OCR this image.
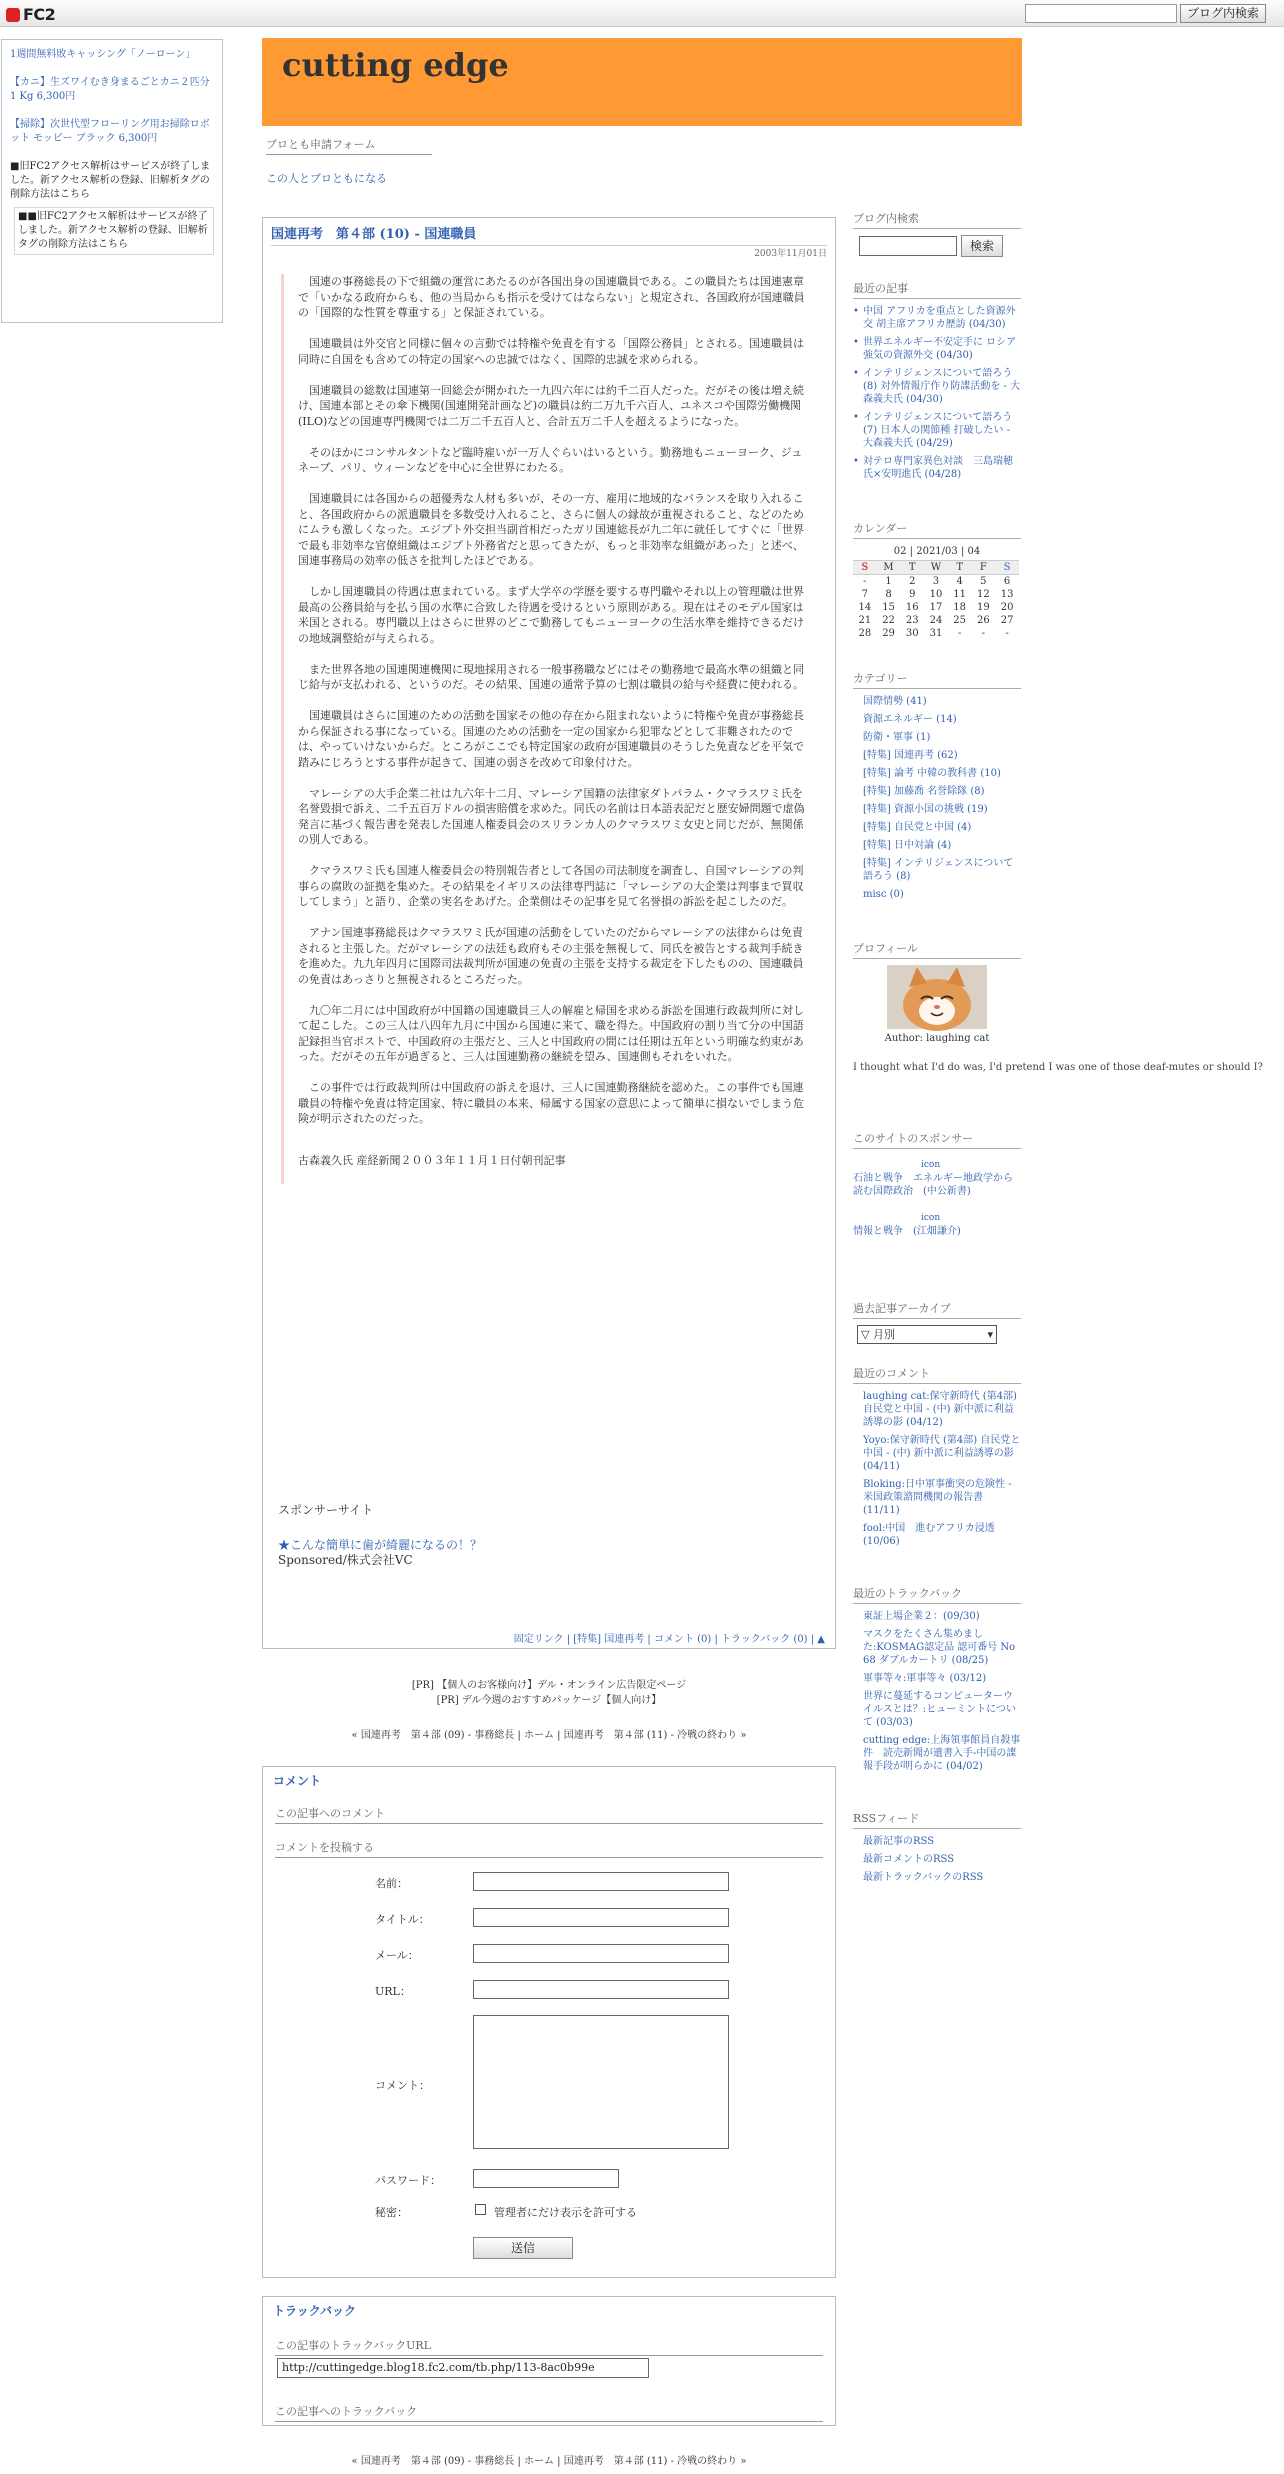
FC2	ブログ内検索
1週間無料敗キャッシング「ノーローン」
【カニ】生ズワイむき身まるごとカニ２匹分 1 Kg 6,300円
【掃除】次世代型フローリング用お掃除ロボット モッピー ブラック 6,300円
■旧FC2アクセス解析はサービスが終了しました。新アクセス解析の登録、旧解析タグの削除方法はこちら
■■旧FC2アクセス解析はサービスが終了しました。新アクセス解析の登録、旧解析タグの削除方法はこちら
cutting edge
ブロとも申請フォーム
この人とブロともになる
国連再考　第４部 (10) - 国連職員
2003年11月01日

国連の事務総長の下で組織の運営にあたるのが各国出身の国連職員である。この職員たちは国連憲章で「いかなる政府からも、他の当局からも指示を受けてはならない」と規定され、各国政府が国連職員の「国際的な性質を尊重する」と保証されている。

国連職員は外交官と同様に個々の言動では特権や免責を有する「国際公務員」とされる。国連職員は同時に自国をも含めての特定の国家への忠誠ではなく、国際的忠誠を求められる。

国連職員の総数は国連第一回総会が開かれた一九四六年には約千二百人だった。だがその後は増え続け、国連本部とその傘下機関(国連開発計画など)の職員は約二万九千六百人、ユネスコや国際労働機関(ILO)などの国連専門機関では二万二千五百人と、合計五万二千人を超えるようになった。

そのほかにコンサルタントなど臨時雇いが一万人ぐらいはいるという。勤務地もニューヨーク、ジュネーブ、パリ、ウィーンなどを中心に全世界にわたる。

国連職員には各国からの超優秀な人材も多いが、その一方、雇用に地域的なバランスを取り入れること、各国政府からの派遣職員を多数受け入れること、さらに個人の縁故が重視されること、などのためにムラも激しくなった。エジプト外交担当副首相だったガリ国連総長が九二年に就任してすぐに「世界で最も非効率な官僚組織はエジプト外務省だと思ってきたが、もっと非効率な組織があった」と述べ、国連事務局の効率の低さを批判したほどである。

しかし国連職員の待遇は恵まれている。まず大学卒の学歴を要する専門職やそれ以上の管理職は世界最高の公務員給与を払う国の水準に合致した待遇を受けるという原則がある。現在はそのモデル国家は米国とされる。専門職以上はさらに世界のどこで勤務してもニューヨークの生活水準を維持できるだけの地域調整給が与えられる。

また世界各地の国連関連機関に現地採用される一般事務職などにはその勤務地で最高水準の組織と同じ給与が支払われる、というのだ。その結果、国連の通常予算の七割は職員の給与や経費に使われる。

国連職員はさらに国連のための活動を国家その他の存在から阻まれないように特権や免責が事務総長から保証される事になっている。国連のための活動を一定の国家から犯罪などとして非難されたのでは、やっていけないからだ。ところがここでも特定国家の政府が国連職員のそうした免責などを平気で踏みにじろうとする事件が起きて、国連の弱さを改めて印象付けた。

マレーシアの大手企業二社は九六年十二月、マレーシア国籍の法律家ダトパラム・クマラスワミ氏を名誉毀損で訴え、二千五百万ドルの損害賠償を求めた。同氏の名前は日本語表記だと歴安婦問題で虚偽発言に基づく報告書を発表した国連人権委員会のスリランカ人のクマラスワミ女史と同じだが、無関係の別人である。

クマラスワミ氏も国連人権委員会の特別報告者として各国の司法制度を調査し、自国マレーシアの判事らの腐敗の証拠を集めた。その結果をイギリスの法律専門誌に「マレーシアの大企業は判事まで買収してしまう」と語り、企業の実名をあげた。企業側はその記事を見て名誉損の訴訟を起こしたのだ。

アナン国連事務総長はクマラスワミ氏が国連の活動をしていたのだからマレーシアの法律からは免責されると主張した。だがマレーシアの法廷も政府もその主張を無視して、同氏を被告とする裁判手続きを進めた。九九年四月に国際司法裁判所が国連の免責の主張を支持する裁定を下したものの、国連職員の免責はあっさりと無視されるところだった。

九〇年二月には中国政府が中国籍の国連職員三人の解雇と帰国を求める訴訟を国連行政裁判所に対して起こした。この三人は八四年九月に中国から国連に来て、職を得た。中国政府の割り当て分の中国語記録担当官ポストで、中国政府の主張だと、三人と中国政府の間には任期は五年という明確な約束があった。だがその五年が過ぎると、三人は国連勤務の継続を望み、国連側もそれをいれた。

この事件では行政裁判所は中国政府の訴えを退け、三人に国連勤務継続を認めた。この事件でも国連職員の特権や免責は特定国家、特に職員の本来、帰属する国家の意思によって簡単に損ないでしまう危険が明示されたのだった。

古森義久氏 産経新聞２００３年１１月１日付朝刊記事

スポンサーサイト
★こんな簡単に歯が綺麗になるの！？
Sponsored/株式会社VC
固定リンク | [特集] 国連再考 | コメント (0) | トラックバック (0) | ▲
[PR] 【個人のお客様向け】デル・オンライン広告限定ページ
[PR] デル今週のおすすめパッケージ【個人向け】
« 国連再考　第４部 (09) - 事務総長 | ホーム | 国連再考　第４部 (11) - 冷戦の終わり »
コメント
この記事へのコメント
コメントを投稿する
名前：
タイトル：
メール：
URL：
コメント：
パスワード：
秘密：	管理者にだけ表示を許可する
送信
トラックバック
この記事のトラックバックURL
http://cuttingedge.blog18.fc2.com/tb.php/113-8ac0b99e
この記事へのトラックバック
« 国連再考　第４部 (09) - 事務総長 | ホーム | 国連再考　第４部 (11) - 冷戦の終わり »
ブログ内検索
検索
最近の記事
• 中国 アフリカを重点とした資源外交 胡主席アフリカ歴訪 (04/30)
• 世界エネルギー不安定手に ロシア強気の資源外交 (04/30)
• インテリジェンスについて語ろう (8) 対外情報庁作り防諜活動を - 大森義夫氏 (04/30)
• インテリジェンスについて語ろう (7) 日本人の関節種 打破したい - 大森義夫氏 (04/29)
• 対テロ専門家異色対談　三島瑞穂氏×安明進氏 (04/28)
カレンダー
02 | 2021/03 | 04
S	M	T	W	T	F	S
-	1	2	3	4	5	6
7	8	9	10	11	12	13
14	15	16	17	18	19	20
21	22	23	24	25	26	27
28	29	30	31	-	-	-
カテゴリー
国際情勢 (41)
資源エネルギー (14)
防衛・軍事 (1)
[特集] 国連再考 (62)
[特集] 論考 中韓の教科書 (10)
[特集] 加藤喬 名誉除隊 (8)
[特集] 資源小国の挑戦 (19)
[特集] 自民党と中国 (4)
[特集] 日中対論 (4)
[特集] インテリジェンスについて語ろう (8)
misc (0)
プロフィール
Author: laughing cat
I thought what I'd do was, I'd pretend I was one of those deaf-mutes or should I?
このサイトのスポンサー
icon
石油と戦争　エネルギー地政学から読む国際政治　(中公新書)
icon
情報と戦争　(江畑謙介)
過去記事アーカイブ
▽ 月別	▾
最近のコメント
laughing cat:保守新時代 (第4部) 自民党と中国 - (中) 新中派に利益誘導の影 (04/12)
Yoyo:保守新時代 (第4部) 自民党と中国 - (中) 新中派に利益誘導の影 (04/11)
Bloking:日中軍事衝突の危険性 - 米国政策諮問機関の報告書 (11/11)
fool:中国　進むアフリカ浸透 (10/06)
最近のトラックバック
東証上場企業２：(09/30)
マスクをたくさん集めました:KOSMAG認定品 認可番号 No 68 ダブルカートリ (08/25)
軍事等々:軍事等々 (03/12)
世界に蔓延するコンピューターウイルスとは？:ヒューミントについて (03/03)
cutting edge:上海領事館員自殺事件　読売新聞が遺書入手-中国の諜報手段が明らかに (04/02)
RSSフィード
最新記事のRSS
最新コメントのRSS
最新トラックバックのRSS
